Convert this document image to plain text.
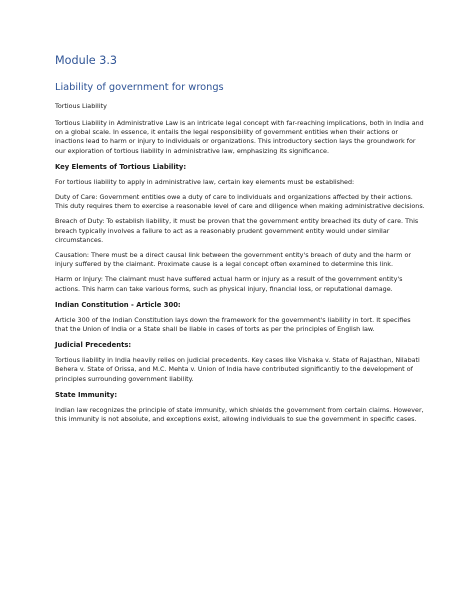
Module 3.3
Liability of government for wrongs
Tortious Liability
Tortious Liability in Administrative Law is an intricate legal concept with far-reaching implications, both in India and on a global scale. In essence, it entails the legal responsibility of government entities when their actions or inactions lead to harm or injury to individuals or organizations. This introductory section lays the groundwork for our exploration of tortious liability in administrative law, emphasizing its significance.
Key Elements of Tortious Liability:
For tortious liability to apply in administrative law, certain key elements must be established:
Duty of Care: Government entities owe a duty of care to individuals and organizations affected by their actions. This duty requires them to exercise a reasonable level of care and diligence when making administrative decisions.
Breach of Duty: To establish liability, it must be proven that the government entity breached its duty of care. This breach typically involves a failure to act as a reasonably prudent government entity would under similar circumstances.
Causation: There must be a direct causal link between the government entity's breach of duty and the harm or injury suffered by the claimant. Proximate cause is a legal concept often examined to determine this link.
Harm or Injury: The claimant must have suffered actual harm or injury as a result of the government entity's actions. This harm can take various forms, such as physical injury, financial loss, or reputational damage.
Indian Constitution - Article 300:
Article 300 of the Indian Constitution lays down the framework for the government's liability in tort. It specifies that the Union of India or a State shall be liable in cases of torts as per the principles of English law.
Judicial Precedents:
Tortious liability in India heavily relies on judicial precedents. Key cases like Vishaka v. State of Rajasthan, Nilabati Behera v. State of Orissa, and M.C. Mehta v. Union of India have contributed significantly to the development of principles surrounding government liability.
State Immunity:
Indian law recognizes the principle of state immunity, which shields the government from certain claims. However, this immunity is not absolute, and exceptions exist, allowing individuals to sue the government in specific cases.
